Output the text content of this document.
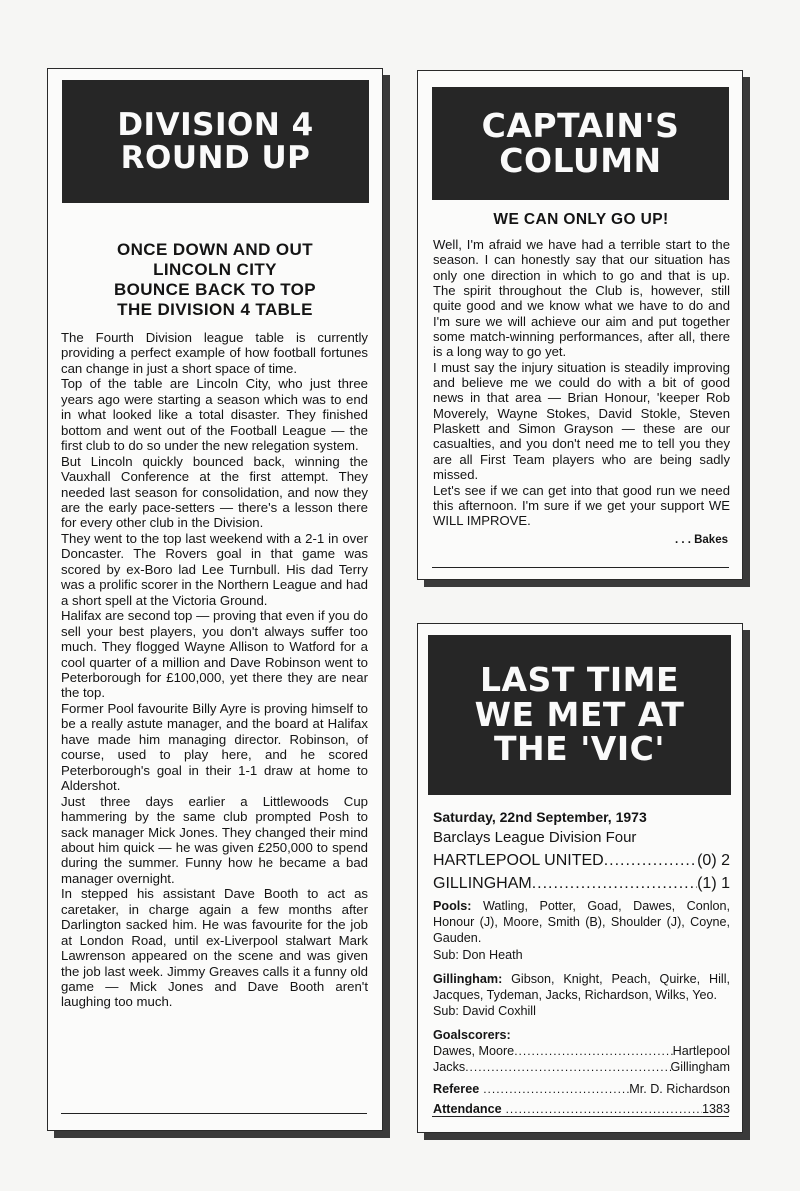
DIVISION 4
ROUND UP
ONCE DOWN AND OUT
LINCOLN CITY
BOUNCE BACK TO TOP
THE DIVISION 4 TABLE

The Fourth Division league table is currently providing a perfect example of how football fortunes can change in just a short space of time.

Top of the table are Lincoln City, who just three years ago were starting a season which was to end in what looked like a total disaster. They finished bottom and went out of the Football League — the first club to do so under the new relegation system.

But Lincoln quickly bounced back, winning the Vauxhall Conference at the first attempt. They needed last season for consolidation, and now they are the early pace-setters — there's a lesson there for every other club in the Division.

They went to the top last weekend with a 2-1 in over Doncaster. The Rovers goal in that game was scored by ex-Boro lad Lee Turnbull. His dad Terry was a prolific scorer in the Northern League and had a short spell at the Victoria Ground.

Halifax are second top — proving that even if you do sell your best players, you don't always suffer too much. They flogged Wayne Allison to Watford for a cool quarter of a million and Dave Robinson went to Peterborough for £100,000, yet there they are near the top.

Former Pool favourite Billy Ayre is proving himself to be a really astute manager, and the board at Halifax have made him managing director. Robinson, of course, used to play here, and he scored Peterborough's goal in their 1-1 draw at home to Aldershot.

Just three days earlier a Littlewoods Cup hammering by the same club prompted Posh to sack manager Mick Jones. They changed their mind about him quick — he was given £250,000 to spend during the summer. Funny how he became a bad manager overnight.

In stepped his assistant Dave Booth to act as caretaker, in charge again a few months after Darlington sacked him. He was favourite for the job at London Road, until ex-Liverpool stalwart Mark Lawrenson appeared on the scene and was given the job last week. Jimmy Greaves calls it a funny old game — Mick Jones and Dave Booth aren't laughing too much.

CAPTAIN'S
COLUMN
WE CAN ONLY GO UP!

Well, I'm afraid we have had a terrible start to the season. I can honestly say that our situation has only one direction in which to go and that is up. The spirit throughout the Club is, however, still quite good and we know what we have to do and I'm sure we will achieve our aim and put together some match-winning performances, after all, there is a long way to go yet.

I must say the injury situation is steadily improving and believe me we could do with a bit of good news in that area — Brian Honour, 'keeper Rob Moverely, Wayne Stokes, David Stokle, Steven Plaskett and Simon Grayson — these are our casualties, and you don't need me to tell you they are all First Team players who are being sadly missed.

Let's see if we can get into that good run we need this afternoon. I'm sure if we get your support WE WILL IMPROVE.

. . . Bakes
LAST TIME
WE MET AT
THE 'VIC'
Saturday, 22nd September, 1973
Barclays League Division Four
HARTLEPOOL UNITED .....	(0) 2
GILLINGHAM .....	(1) 1
Pools: Watling, Potter, Goad, Dawes, Conlon, Honour (J), Moore, Smith (B), Shoulder (J), Coyne, Gauden.
Sub: Don Heath
Gillingham: Gibson, Knight, Peach, Quirke, Hill, Jacques, Tydeman, Jacks, Richardson, Wilks, Yeo.
Sub: David Coxhill
Goalscorers:
Dawes, Moore .....	Hartlepool
Jacks .....	Gillingham
Referee .....	Mr. D. Richardson
Attendance .....	1383
